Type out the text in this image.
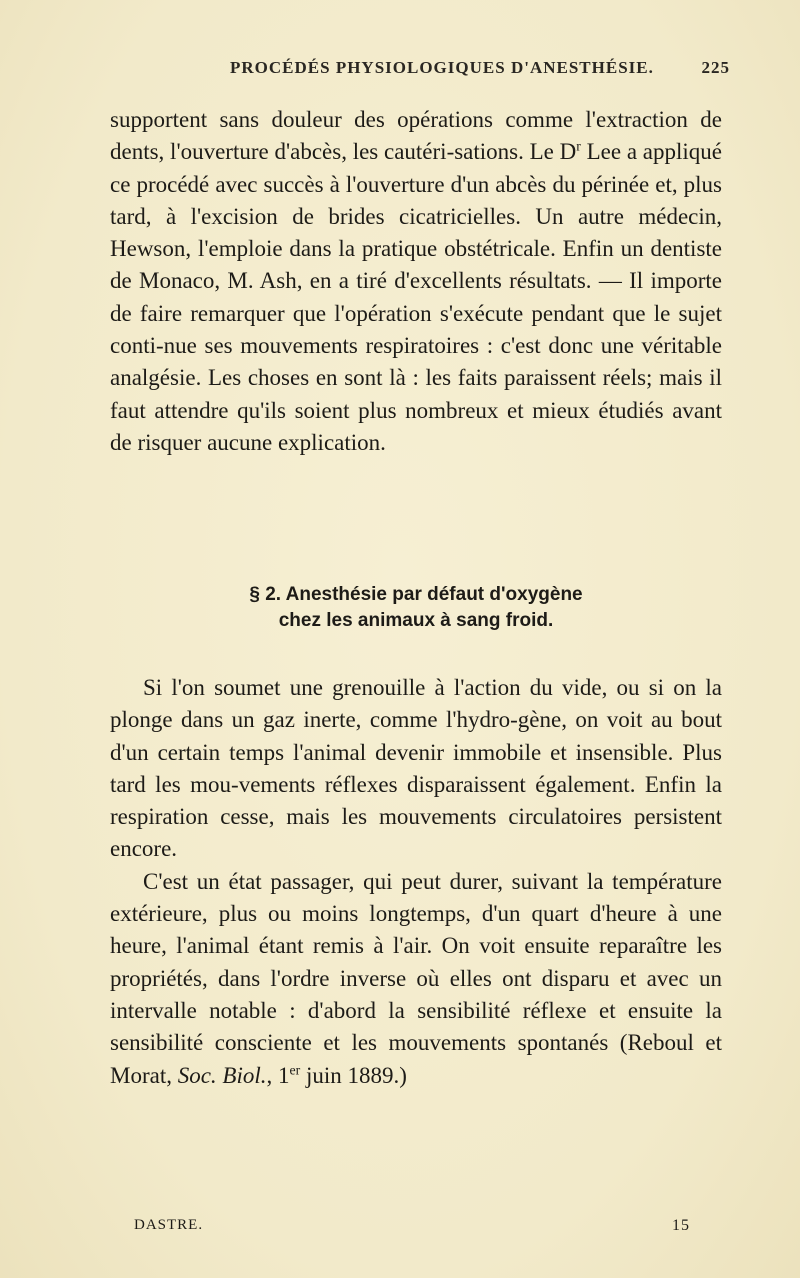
PROCÉDÉS PHYSIOLOGIQUES D'ANESTHÉSIE.	225

supportent sans douleur des opérations comme l'extraction de dents, l'ouverture d'abcès, les cautéri-sations. Le $D^r$ Lee a appliqué ce procédé avec succès à l'ouverture d'un abcès du périnée et, plus tard, à l'excision de brides cicatricielles. Un autre médecin, Hewson, l'emploie dans la pratique obstétricale. Enfin un dentiste de Monaco, M. Ash, en a tiré d'excellents résultats. — Il importe de faire remarquer que l'opération s'exécute pendant que le sujet conti-nue ses mouvements respiratoires : c'est donc une véritable analgésie. Les choses en sont là : les faits paraissent réels; mais il faut attendre qu'ils soient plus nombreux et mieux étudiés avant de risquer aucune explication.

§ 2. Anesthésie par défaut d'oxygène
chez les animaux à sang froid.

Si l'on soumet une grenouille à l'action du vide, ou si on la plonge dans un gaz inerte, comme l'hydro-gène, on voit au bout d'un certain temps l'animal devenir immobile et insensible. Plus tard les mou-vements réflexes disparaissent également. Enfin la respiration cesse, mais les mouvements circulatoires persistent encore.

C'est un état passager, qui peut durer, suivant la température extérieure, plus ou moins longtemps, d'un quart d'heure à une heure, l'animal étant remis à l'air. On voit ensuite reparaître les propriétés, dans l'ordre inverse où elles ont disparu et avec un intervalle notable : d'abord la sensibilité réflexe et ensuite la sensibilité consciente et les mouvements spontanés (Reboul et Morat, Soc. Biol., 1er juin 1889.)

DASTRE.	15
